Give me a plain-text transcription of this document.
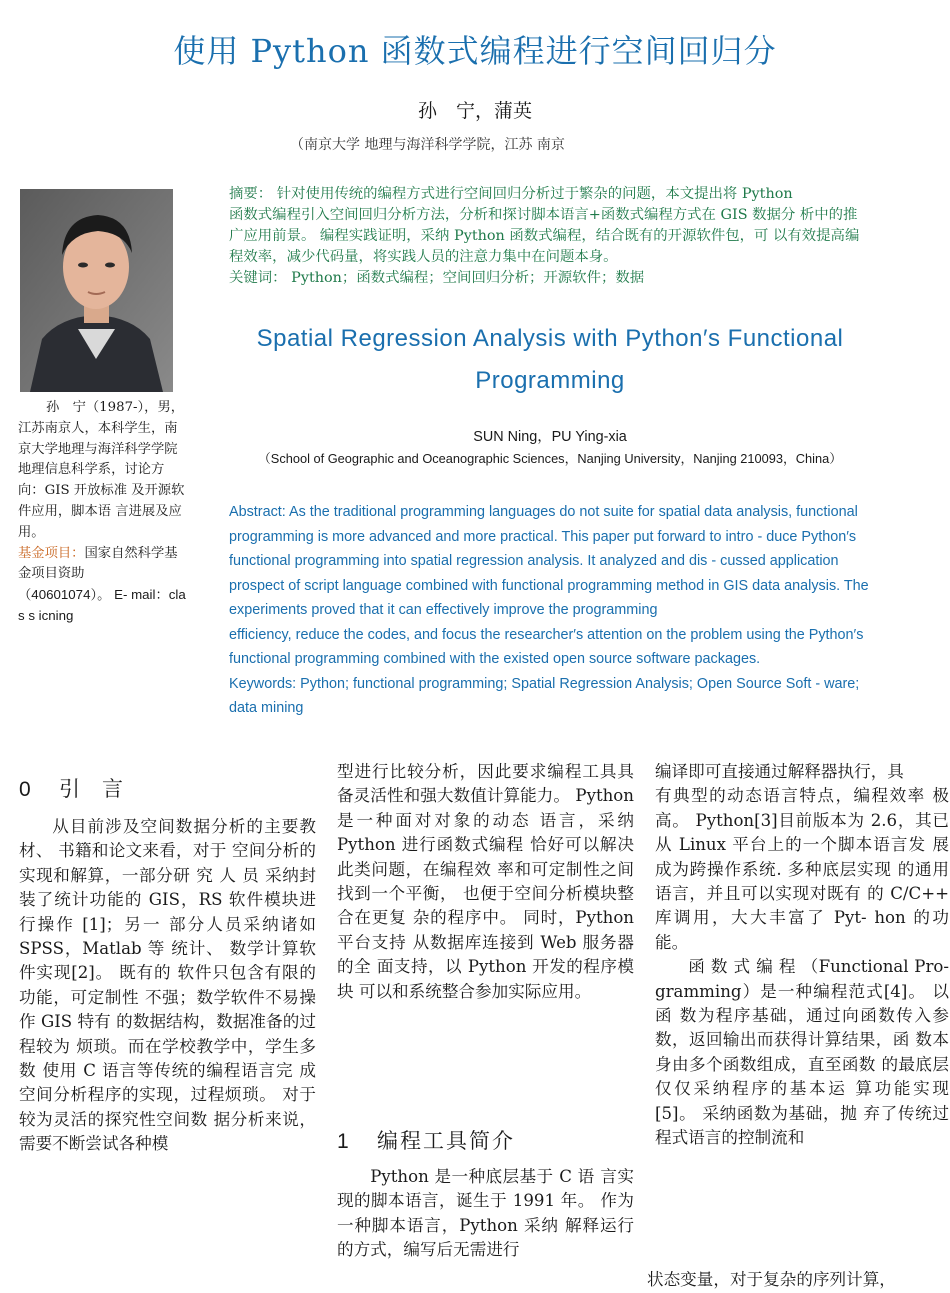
使用 Python 函数式编程进行空间回归分
孙　宁，蒲英
（南京大学 地理与海洋科学学院，江苏 南京

孙　宁（1987-），男，

江苏南京人，本科学生，南京大学地理与海洋科学学院地理信息科学系，讨论方向：GIS 开放标准 及开源软件应用，脚本语 言进展及应用。

基金项目：国家自然科学基金项目资助

（40601074）。 E- mail：cla s s icning

摘要： 针对使用传统的编程方式进行空间回归分析过于繁杂的问题，本文提出将 Python

函数式编程引入空间回归分析方法，分析和探讨脚本语言+函数式编程方式在 GIS 数据分 析中的推广应用前景。 编程实践证明，采纳 Python 函数式编程，结合既有的开源软件包，可 以有效提高编程效率，减少代码量，将实践人员的注意力集中在问题本身。

关键词： Python；函数式编程；空间回归分析；开源软件；数据

Spatial Regression Analysis with Python′s Functional Programming
SUN Ning，PU Ying-xia
（School of Geographic and Oceanographic Sciences，Nanjing University，Nanjing 210093，China）

Abstract: As the traditional programming languages do not suite for spatial data analysis, functional programming is more advanced and more practical. This paper put forward to intro - duce Python′s functional programming into spatial regression analysis. It analyzed and dis - cussed application prospect of script language combined with functional programming method in GIS data analysis. The experiments proved that it can effectively improve the programming

efficiency, reduce the codes, and focus the researcher′s attention on the problem using the Python′s functional programming combined with the existed open source software packages.

Keywords: Python; functional programming; Spatial Regression Analysis; Open Source Soft - ware; data mining

0 引言

从目前涉及空间数据分析的主要教材、 书籍和论文来看，对于 空间分析的实现和解算，一部分研 究 人 员 采纳封装了统计功能的 GIS，RS 软件模块进行操作 [1]；另一 部分人员采纳诸如 SPSS，Matlab 等 统计、 数学计算软件实现[2]。 既有的 软件只包含有限的功能，可定制性 不强；数学软件不易操作 GIS 特有 的数据结构，数据准备的过程较为 烦琐。而在学校教学中，学生多数 使用 C 语言等传统的编程语言完 成空间分析程序的实现，过程烦琐。 对于较为灵活的探究性空间数 据分析来说，需要不断尝试各种模

型进行比较分析，因此要求编程工具具备灵活性和强大数值计算能力。 Python 是一种面对对象的动态 语言，采纳 Python 进行函数式编程 恰好可以解决此类问题，在编程效 率和可定制性之间找到一个平衡， 也便于空间分析模块整合在更复 杂的程序中。 同时，Python 平台支持 从数据库连接到 Web 服务器的全 面支持，以 Python 开发的程序模块 可以和系统整合参加实际应用。

1 编程工具简介

Python 是一种底层基于 C 语 言实现的脚本语言，诞生于 1991 年。 作为一种脚本语言，Python 采纳 解释运行的方式，编写后无需进行

编译即可直接通过解释器执行，具

有典型的动态语言特点，编程效率 极高。 Python[3]目前版本为 2.6，其已 从 Linux 平台上的一个脚本语言发 展成为跨操作系统. 多种底层实现 的通用语言，并且可以实现对既有 的 C/C++ 库调用，大大丰富了 Pyt- hon 的功能。

函 数 式 编 程 （Functional Pro- gramming）是一种编程范式[4]。 以函 数为程序基础，通过向函数传入参 数，返回输出而获得计算结果，函 数本身由多个函数组成，直至函数 的最底层仅仅采纳程序的基本运 算功能实现[5]。 采纳函数为基础，抛 弃了传统过程式语言的控制流和

状态变量，对于复杂的序列计算，
